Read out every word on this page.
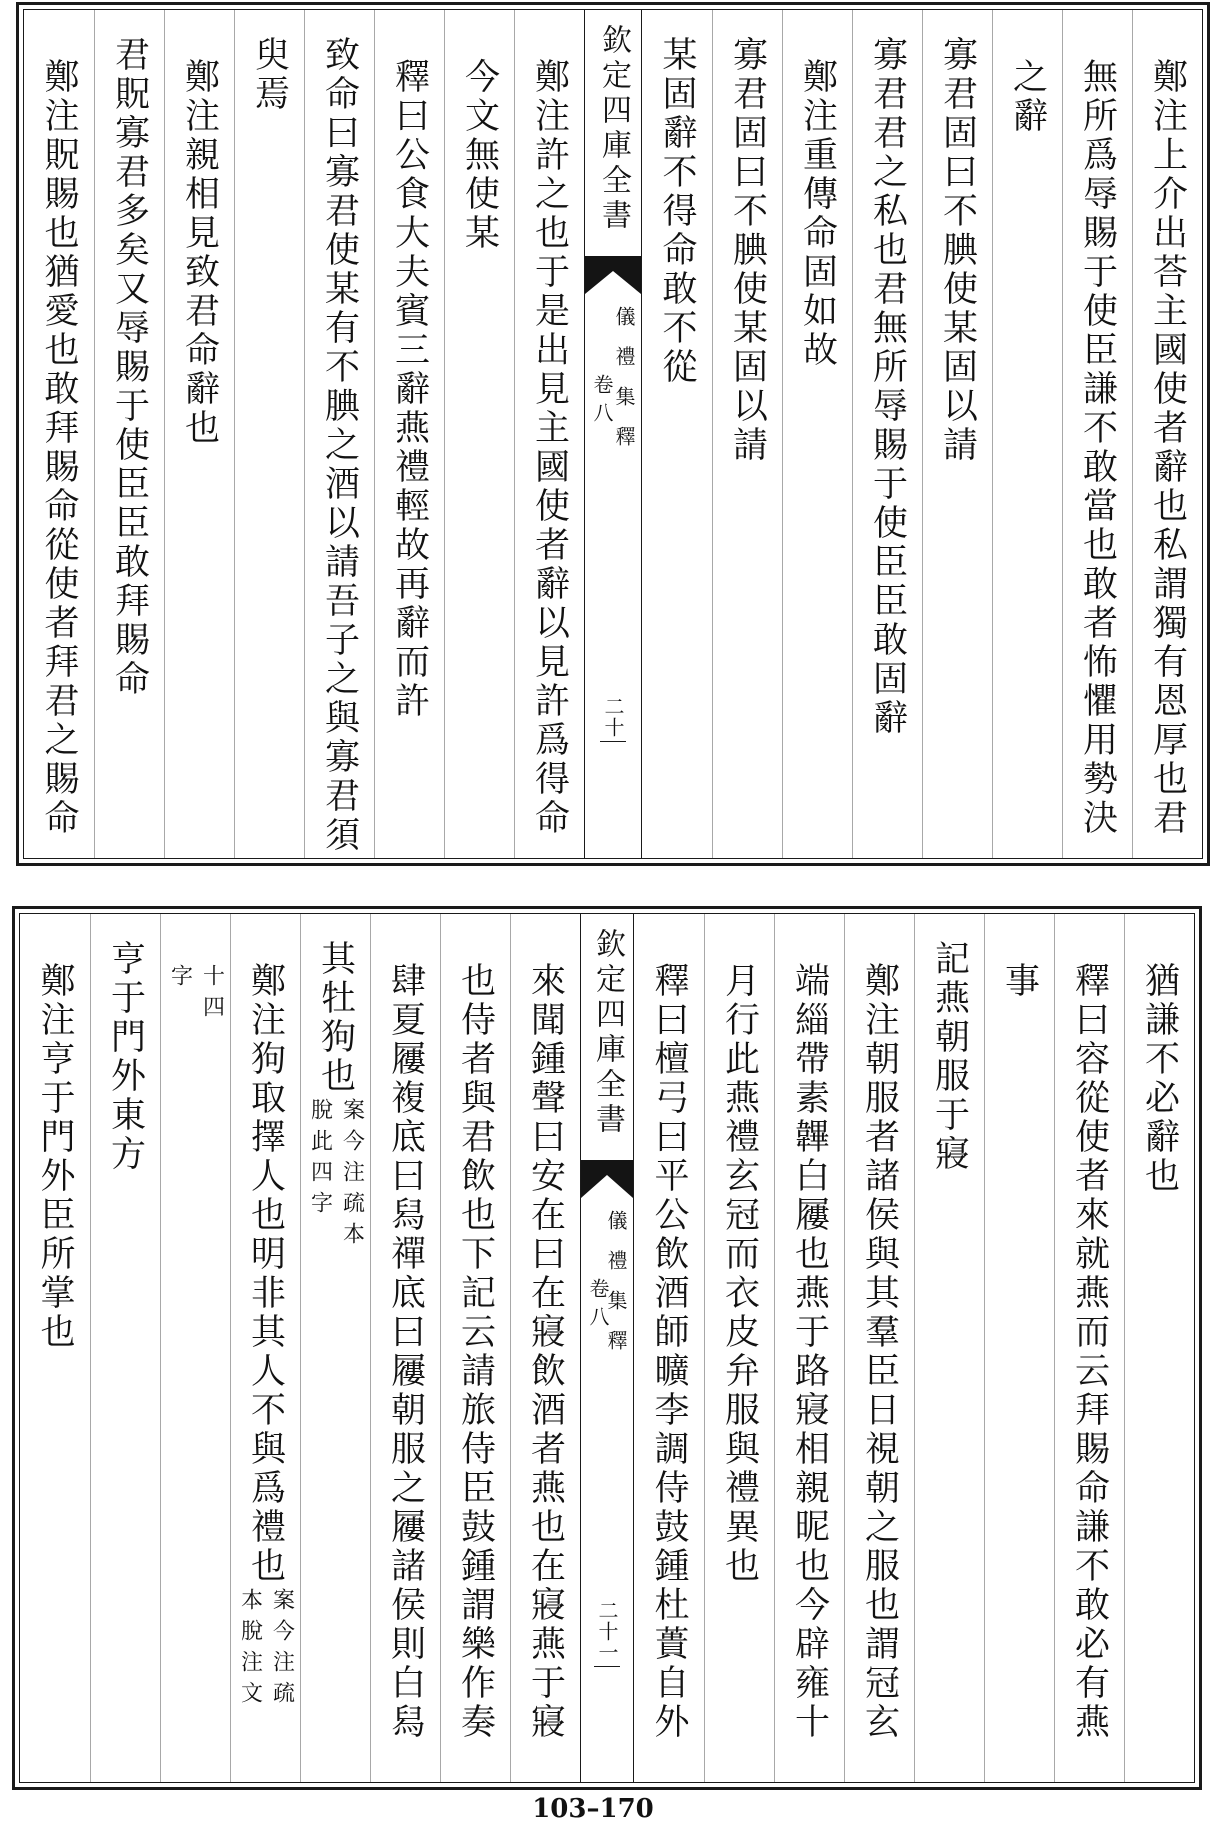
鄭注上介出荅主國使者辭也私謂獨有恩厚也君
無所爲辱賜于使臣謙不敢當也敢者怖懼用勢決
之辭
寡君固曰不腆使某固以請
寡君君之私也君無所辱賜于使臣臣敢固辭
鄭注重傳命固如故
寡君固曰不腆使某固以請
某固辭不得命敢不從
欽定四庫全書
儀禮集釋
卷八
二十
鄭注許之也于是出見主國使者辭以見許爲得命
今文無使某
釋曰公食大夫賓三辭燕禮輕故再辭而許
致命曰寡君使某有不腆之酒以請吾子之與寡君須
臾焉
鄭注親相見致君命辭也
君貺寡君多矣又辱賜于使臣臣敢拜賜命
鄭注貺賜也猶愛也敢拜賜命從使者拜君之賜命
猶謙不必辭也
釋曰容從使者來就燕而云拜賜命謙不敢必有燕
事
記燕朝服于寢
鄭注朝服者諸侯與其羣臣日視朝之服也謂冠玄
端緇帶素韠白屨也燕于路寢相親昵也今辟雍十
月行此燕禮玄冠而衣皮弁服與禮異也
釋曰檀弓曰平公飲酒師曠李調侍鼓鍾杜蕢自外
欽定四庫全書
儀禮集釋
卷八
二十一
來聞鍾聲曰安在曰在寢飲酒者燕也在寢燕于寢
也侍者與君飲也下記云請旅侍臣鼓鍾謂樂作奏
肆夏屨複底曰舄禪底曰屨朝服之屨諸侯則白舄
其牡狗也
案今注疏本
脫此四字
鄭注狗取擇人也明非其人不與爲禮也
案今注疏
本脫注文
十四
字
亨于門外東方
鄭注亨于門外臣所掌也
103–170
